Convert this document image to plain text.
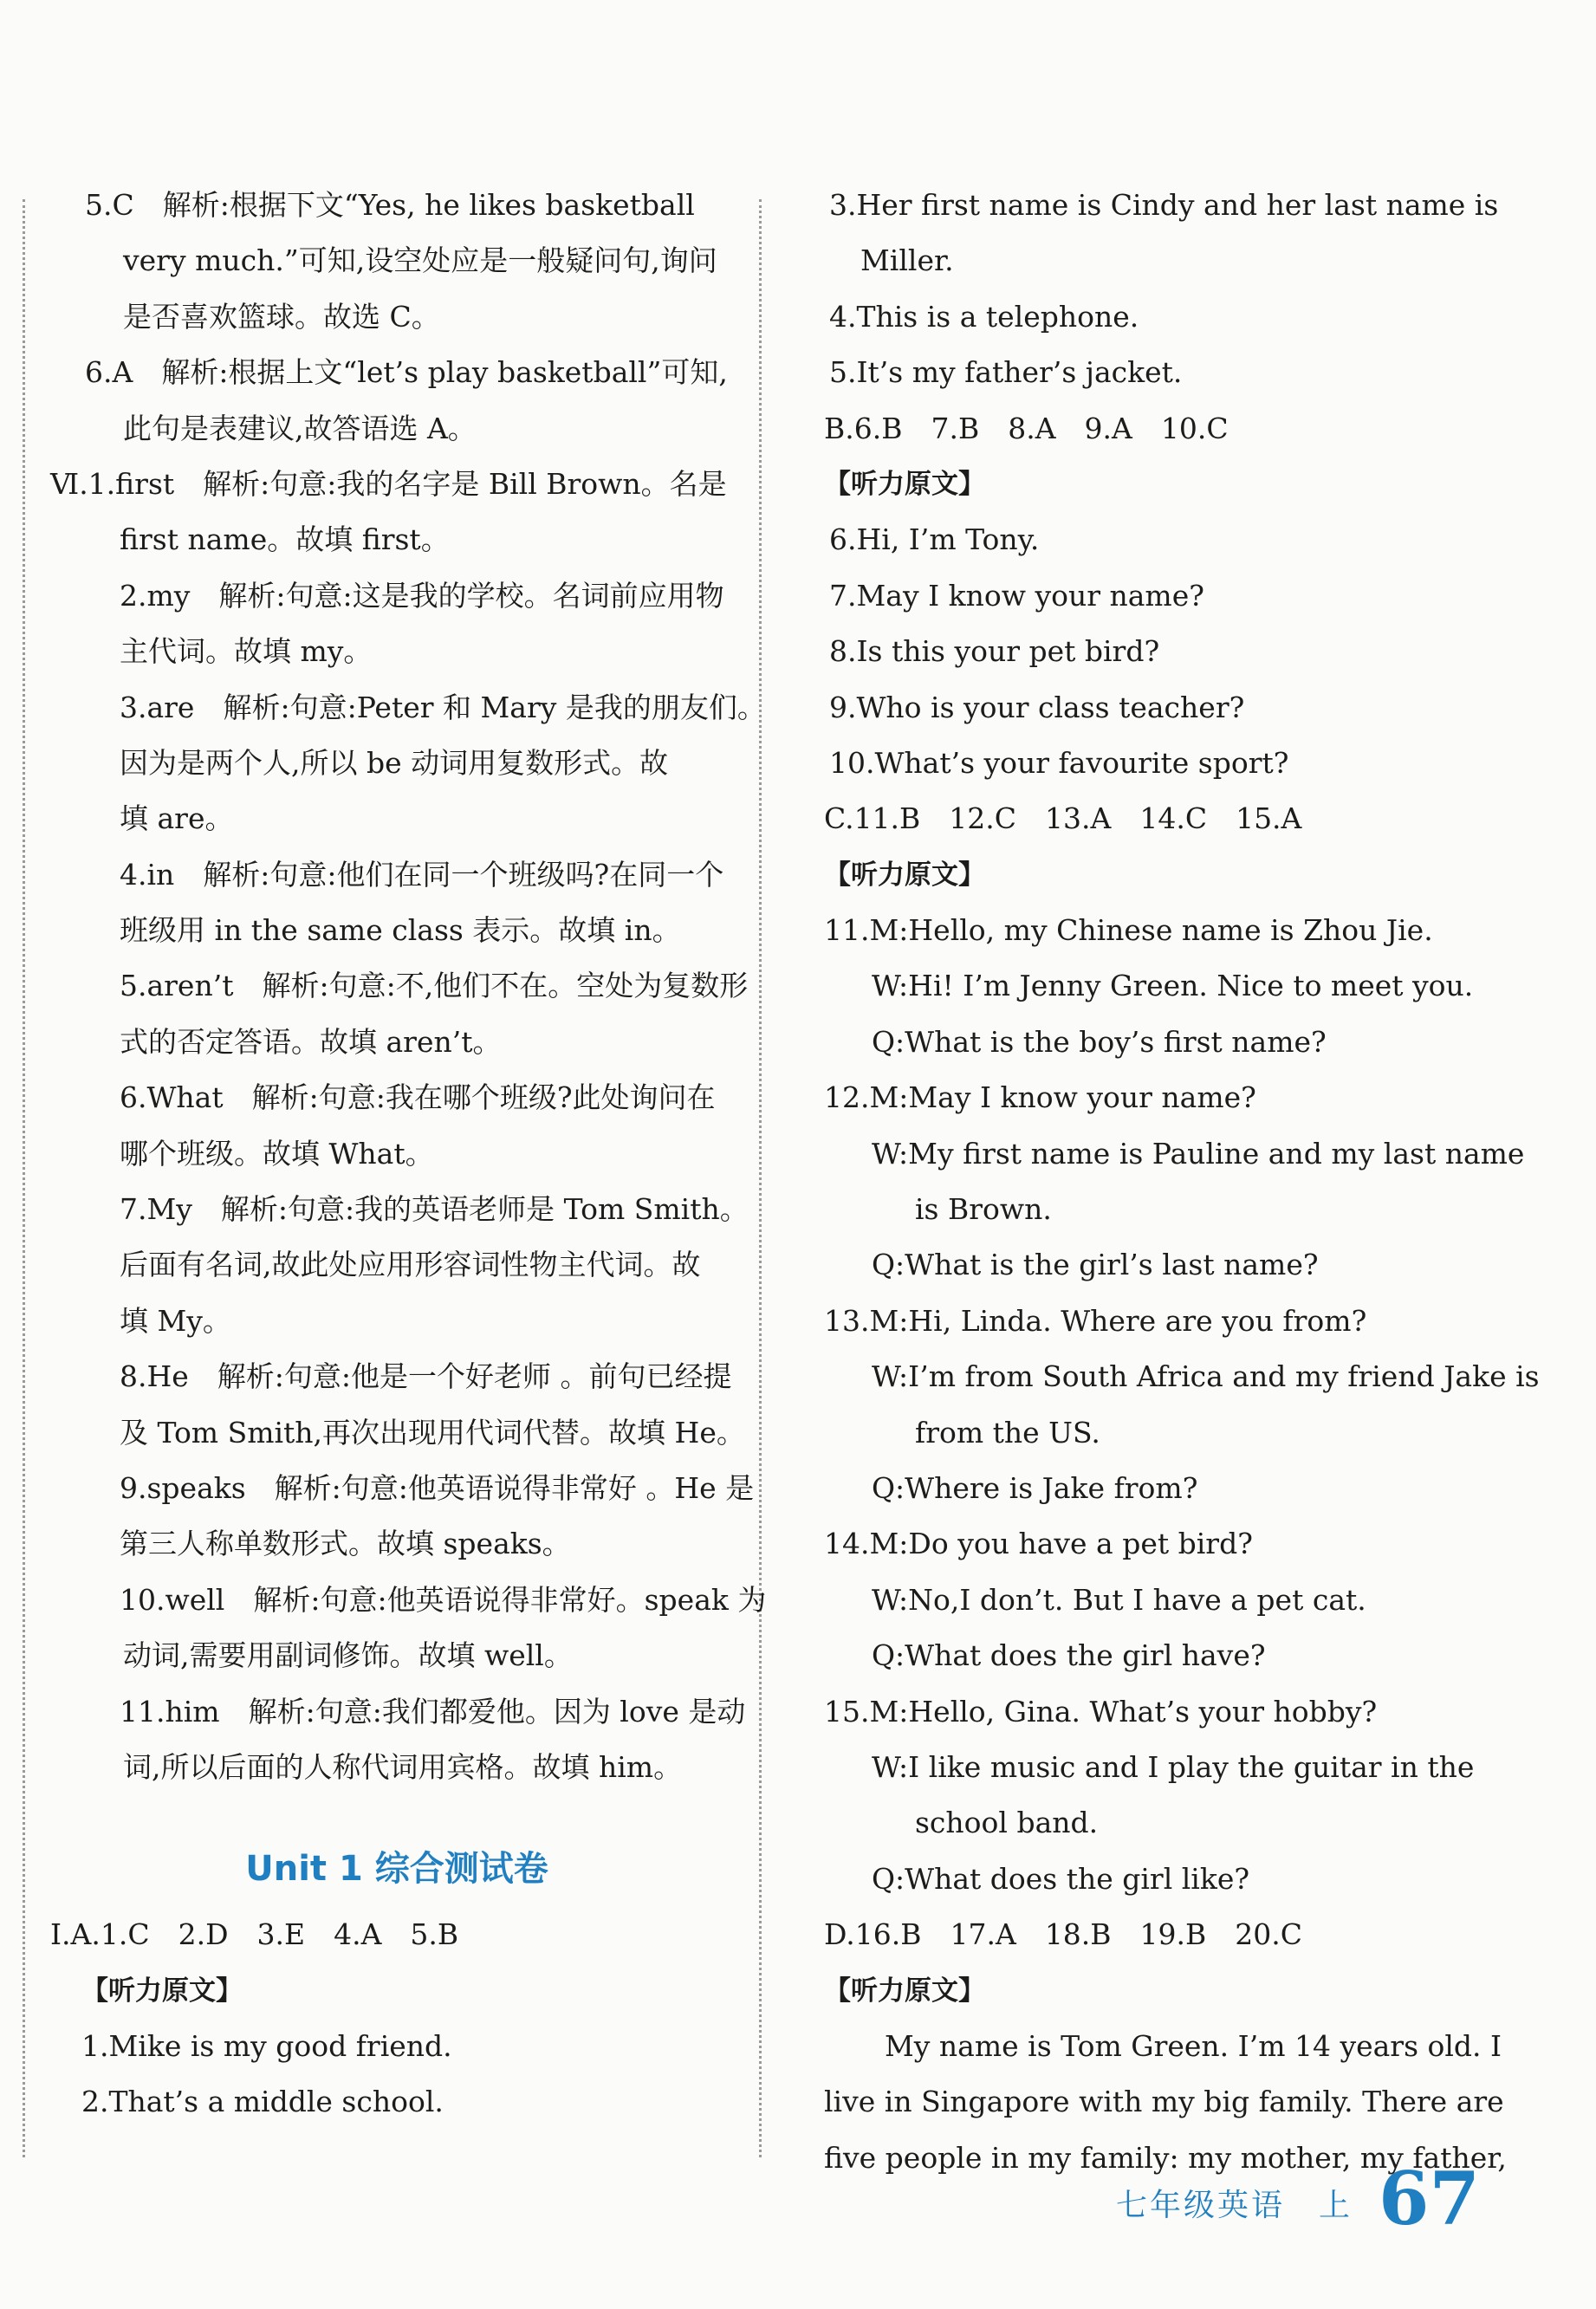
5.C　解析:根据下文“Yes, he likes basketball
very much.”可知,设空处应是一般疑问句,询问
是否喜欢篮球。故选 C。
6.A　解析:根据上文“let’s play basketball”可知,
此句是表建议,故答语选 A。
Ⅵ.1.first　解析:句意:我的名字是 Bill Brown。名是
first name。故填 first。
2.my　解析:句意:这是我的学校。名词前应用物
主代词。故填 my。
3.are　解析:句意:Peter 和 Mary 是我的朋友们。
因为是两个人,所以 be 动词用复数形式。故
填 are。
4.in　解析:句意:他们在同一个班级吗?在同一个
班级用 in the same class 表示。故填 in。
5.aren’t　解析:句意:不,他们不在。空处为复数形
式的否定答语。故填 aren’t。
6.What　解析:句意:我在哪个班级?此处询问在
哪个班级。故填 What。
7.My　解析:句意:我的英语老师是 Tom Smith。
后面有名词,故此处应用形容词性物主代词。故
填 My。
8.He　解析:句意:他是一个好老师 。前句已经提
及 Tom Smith,再次出现用代词代替。故填 He。
9.speaks　解析:句意:他英语说得非常好 。He 是
第三人称单数形式。故填 speaks。
10.well　解析:句意:他英语说得非常好。speak 为
动词,需要用副词修饰。故填 well。
11.him　解析:句意:我们都爱他。因为 love 是动
词,所以后面的人称代词用宾格。故填 him。
Unit 1 综合测试卷
Ⅰ.A.1.C　2.D　3.E　4.A　5.B
【听力原文】
1.Mike is my good friend.
2.That’s a middle school.
3.Her first name is Cindy and her last name is
Miller.
4.This is a telephone.
5.It’s my father’s jacket.
B.6.B　7.B　8.A　9.A　10.C
【听力原文】
6.Hi, I’m Tony.
7.May I know your name?
8.Is this your pet bird?
9.Who is your class teacher?
10.What’s your favourite sport?
C.11.B　12.C　13.A　14.C　15.A
【听力原文】
11.M:Hello, my Chinese name is Zhou Jie.
W:Hi! I’m Jenny Green. Nice to meet you.
Q:What is the boy’s first name?
12.M:May I know your name?
W:My first name is Pauline and my last name
is Brown.
Q:What is the girl’s last name?
13.M:Hi, Linda. Where are you from?
W:I’m from South Africa and my friend Jake is
from the US.
Q:Where is Jake from?
14.M:Do you have a pet bird?
W:No,I don’t. But I have a pet cat.
Q:What does the girl have?
15.M:Hello, Gina. What’s your hobby?
W:I like music and I play the guitar in the
school band.
Q:What does the girl like?
D.16.B　17.A　18.B　19.B　20.C
【听力原文】
My name is Tom Green. I’m 14 years old. I
live in Singapore with my big family. There are
five people in my family: my mother, my father,
七年级英语　上 67
